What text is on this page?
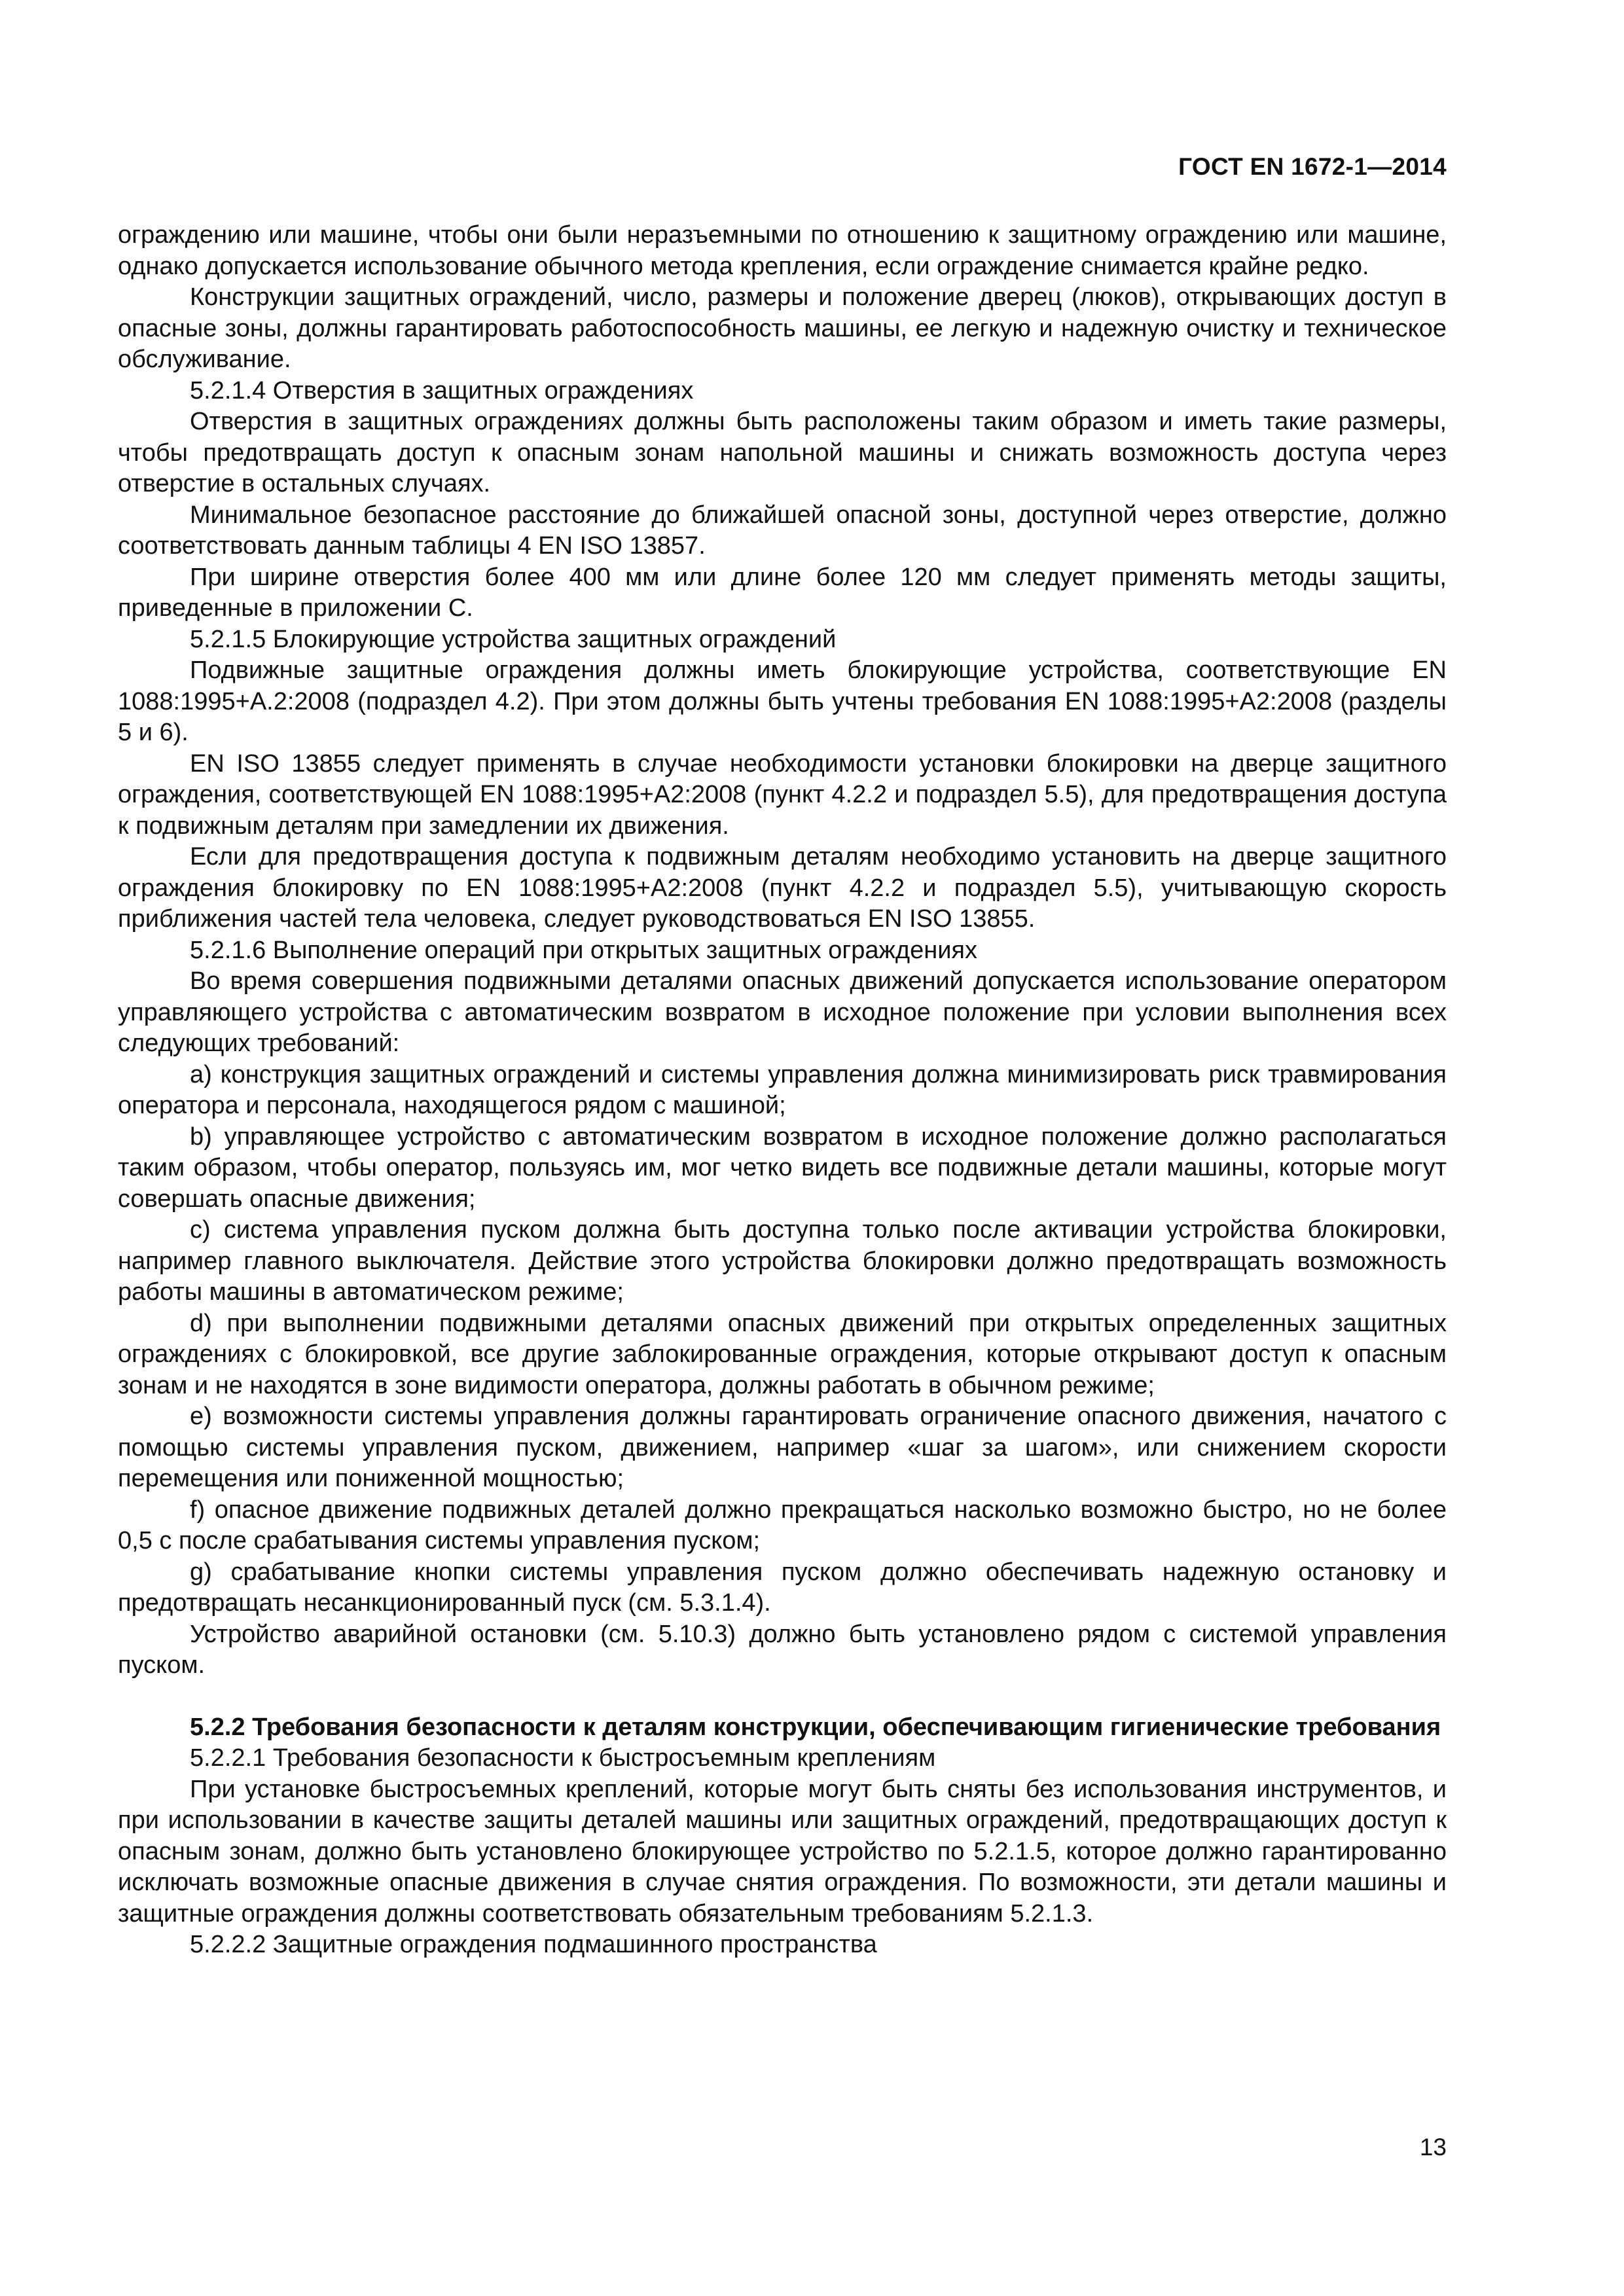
ГОСТ EN 1672-1—2014

ограждению или машине, чтобы они были неразъемными по отношению к защитному ограждению или машине, однако допускается использование обычного метода крепления, если ограждение снимается крайне редко.

Конструкции защитных ограждений, число, размеры и положение дверец (люков), открывающих доступ в опасные зоны, должны гарантировать работоспособность машины, ее легкую и надежную очистку и техническое обслуживание.

5.2.1.4 Отверстия в защитных ограждениях

Отверстия в защитных ограждениях должны быть расположены таким образом и иметь такие размеры, чтобы предотвращать доступ к опасным зонам напольной машины и снижать возможность доступа через отверстие в остальных случаях.

Минимальное безопасное расстояние до ближайшей опасной зоны, доступной через отверстие, должно соответствовать данным таблицы 4 EN ISO 13857.

При ширине отверстия более 400 мм или длине более 120 мм следует применять методы защиты, приведенные в приложении С.

5.2.1.5 Блокирующие устройства защитных ограждений

Подвижные защитные ограждения должны иметь блокирующие устройства, соответствующие EN 1088:1995+A.2:2008 (подраздел 4.2). При этом должны быть учтены требования EN 1088:1995+A2:2008 (разделы 5 и 6).

EN ISO 13855 следует применять в случае необходимости установки блокировки на дверце защитного ограждения, соответствующей EN 1088:1995+A2:2008 (пункт 4.2.2 и подраздел 5.5), для предотвращения доступа к подвижным деталям при замедлении их движения.

Если для предотвращения доступа к подвижным деталям необходимо установить на дверце защитного ограждения блокировку по EN 1088:1995+A2:2008 (пункт 4.2.2 и подраздел 5.5), учитывающую скорость приближения частей тела человека, следует руководствоваться EN ISO 13855.

5.2.1.6 Выполнение операций при открытых защитных ограждениях

Во время совершения подвижными деталями опасных движений допускается использование оператором управляющего устройства с автоматическим возвратом в исходное положение при условии выполнения всех следующих требований:

a) конструкция защитных ограждений и системы управления должна минимизировать риск травмирования оператора и персонала, находящегося рядом с машиной;

b) управляющее устройство с автоматическим возвратом в исходное положение должно располагаться таким образом, чтобы оператор, пользуясь им, мог четко видеть все подвижные детали машины, которые могут совершать опасные движения;

c) система управления пуском должна быть доступна только после активации устройства блокировки, например главного выключателя. Действие этого устройства блокировки должно предотвращать возможность работы машины в автоматическом режиме;

d) при выполнении подвижными деталями опасных движений при открытых определенных защитных ограждениях с блокировкой, все другие заблокированные ограждения, которые открывают доступ к опасным зонам и не находятся в зоне видимости оператора, должны работать в обычном режиме;

e) возможности системы управления должны гарантировать ограничение опасного движения, начатого с помощью системы управления пуском, движением, например «шаг за шагом», или снижением скорости перемещения или пониженной мощностью;

f) опасное движение подвижных деталей должно прекращаться насколько возможно быстро, но не более 0,5 с после срабатывания системы управления пуском;

g) срабатывание кнопки системы управления пуском должно обеспечивать надежную остановку и предотвращать несанкционированный пуск (см. 5.3.1.4).

Устройство аварийной остановки (см. 5.10.3) должно быть установлено рядом с системой управления пуском.

5.2.2 Требования безопасности к деталям конструкции, обеспечивающим гигиенические требования

5.2.2.1 Требования безопасности к быстросъемным креплениям

При установке быстросъемных креплений, которые могут быть сняты без использования инструментов, и при использовании в качестве защиты деталей машины или защитных ограждений, предотвращающих доступ к опасным зонам, должно быть установлено блокирующее устройство по 5.2.1.5, которое должно гарантированно исключать возможные опасные движения в случае снятия ограждения. По возможности, эти детали машины и защитные ограждения должны соответствовать обязательным требованиям 5.2.1.3.

5.2.2.2 Защитные ограждения подмашинного пространства

13
